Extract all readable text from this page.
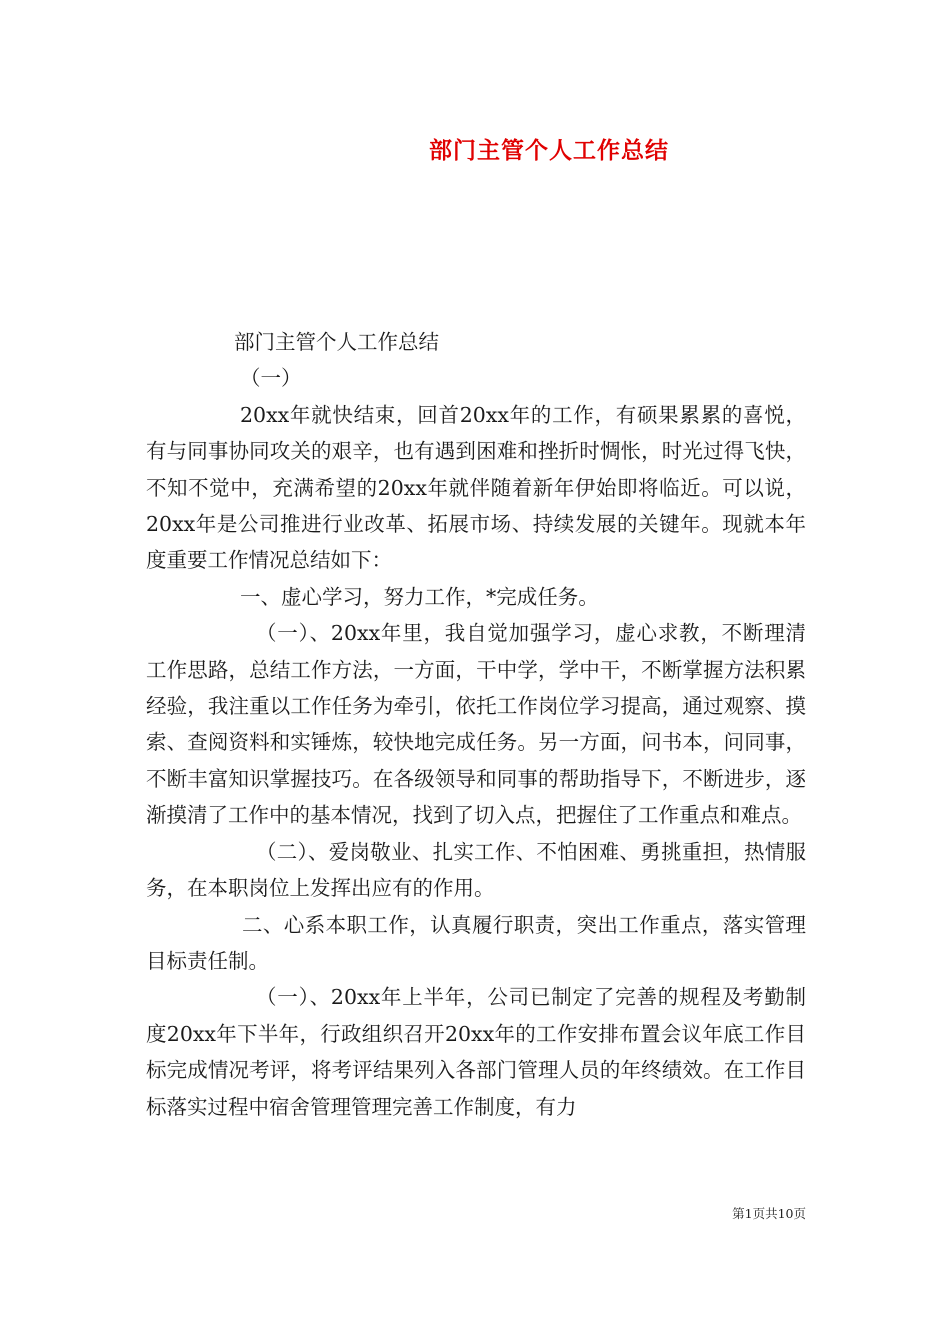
部门主管个人工作总结

部门主管个人工作总结

（一）

20xx年就快结束，回首20xx年的工作，有硕果累累的喜悦，有与同事协同攻关的艰辛，也有遇到困难和挫折时惆怅，时光过得飞快，不知不觉中，充满希望的20xx年就伴随着新年伊始即将临近。可以说，20xx年是公司推进行业改革、拓展市场、持续发展的关键年。现就本年度重要工作情况总结如下：

一、虚心学习，努力工作，*完成任务。

（一）、20xx年里，我自觉加强学习，虚心求教，不断理清工作思路，总结工作方法，一方面，干中学，学中干，不断掌握方法积累经验，我注重以工作任务为牵引，依托工作岗位学习提高，通过观察、摸索、查阅资料和实锤炼，较快地完成任务。另一方面，问书本，问同事，不断丰富知识掌握技巧。在各级领导和同事的帮助指导下，不断进步，逐渐摸清了工作中的基本情况，找到了切入点，把握住了工作重点和难点。

（二）、爱岗敬业、扎实工作、不怕困难、勇挑重担，热情服务，在本职岗位上发挥出应有的作用。

二、心系本职工作，认真履行职责，突出工作重点，落实管理目标责任制。

（一）、20xx年上半年，公司已制定了完善的规程及考勤制度20xx年下半年，行政组织召开20xx年的工作安排布置会议年底工作目标完成情况考评，将考评结果列入各部门管理人员的年终绩效。在工作目标落实过程中宿舍管理管理完善工作制度，有力

第1页共10页
